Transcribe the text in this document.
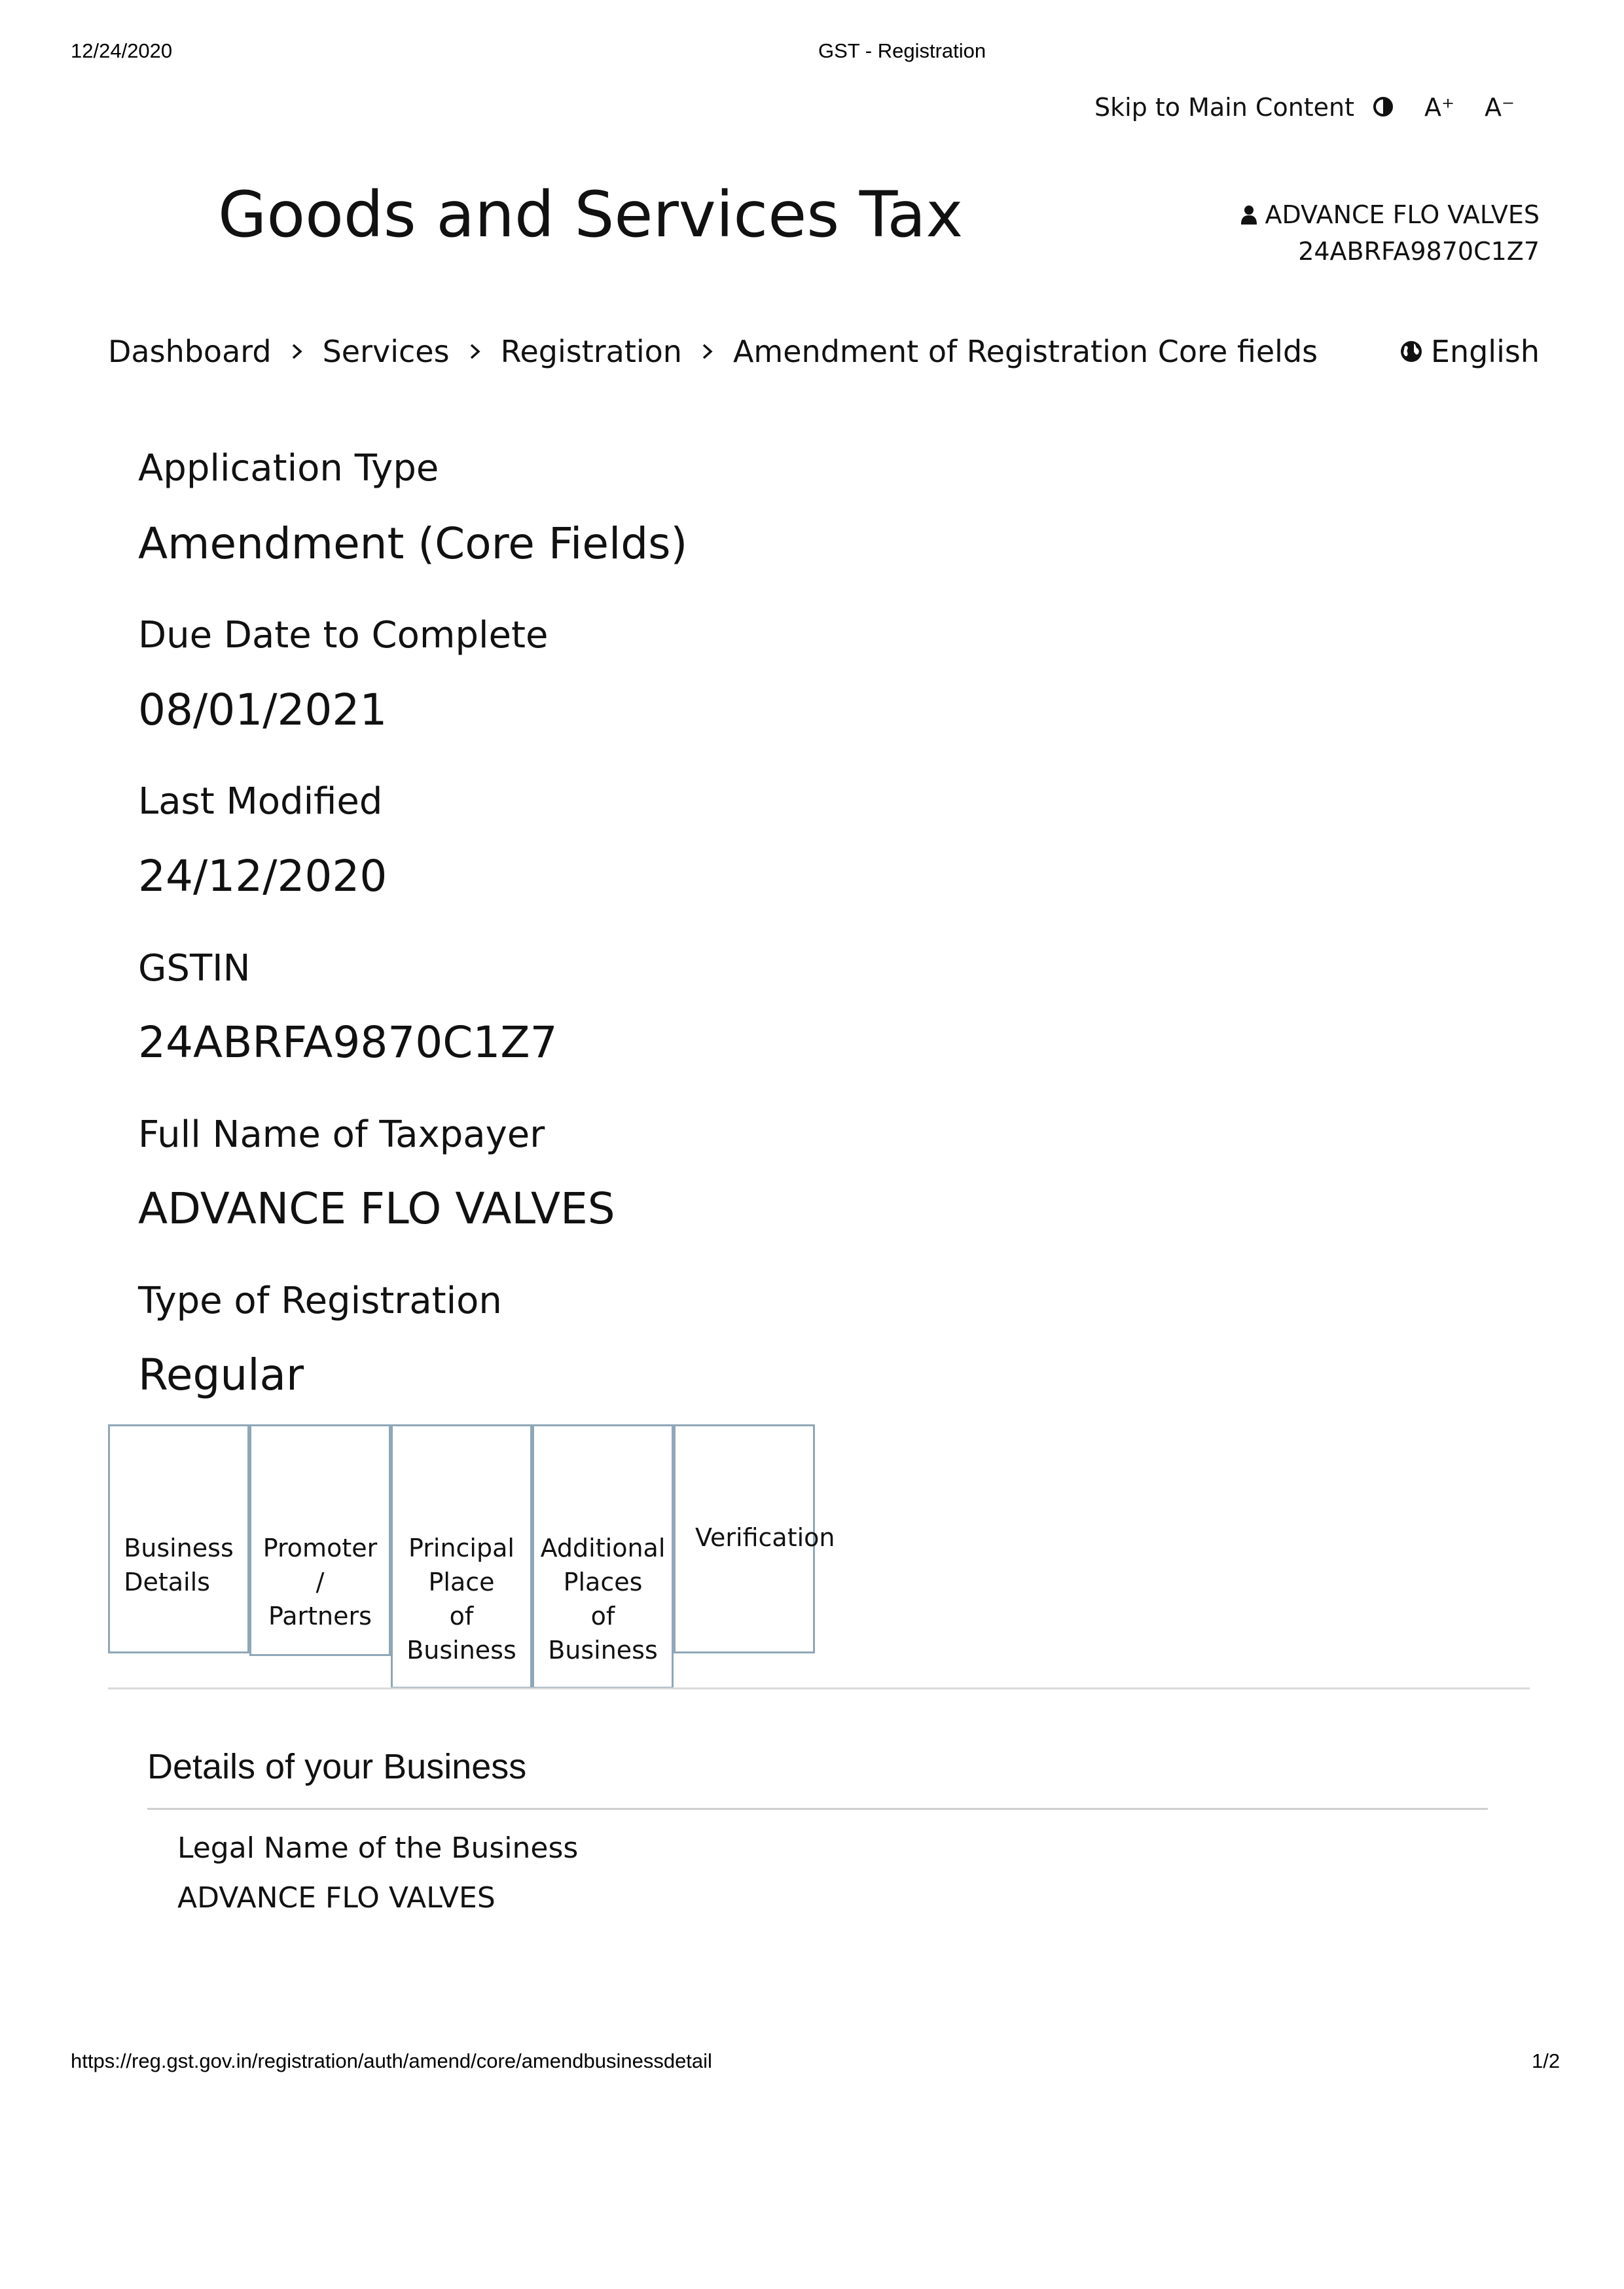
12/24/2020	GST - Registration
Skip to Main Content	A⁺ A⁻
Goods and Services Tax	ADVANCE FLO VALVES
24ABRFA9870C1Z7
Dashboard Services Registration Amendment of Registration Core fields	English
Application Type
Amendment (Core Fields)
Due Date to Complete
08/01/2021
Last Modified
24/12/2020
GSTIN
24ABRFA9870C1Z7
Full Name of Taxpayer
ADVANCE FLO VALVES
Type of Registration
Regular
Business
Details
Promoter
/
Partners
Principal
Place
of
Business
Additional
Places
of
Business
Verification
Details of your Business
Legal Name of the Business
ADVANCE FLO VALVES
https://reg.gst.gov.in/registration/auth/amend/core/amendbusinessdetail	1/2
